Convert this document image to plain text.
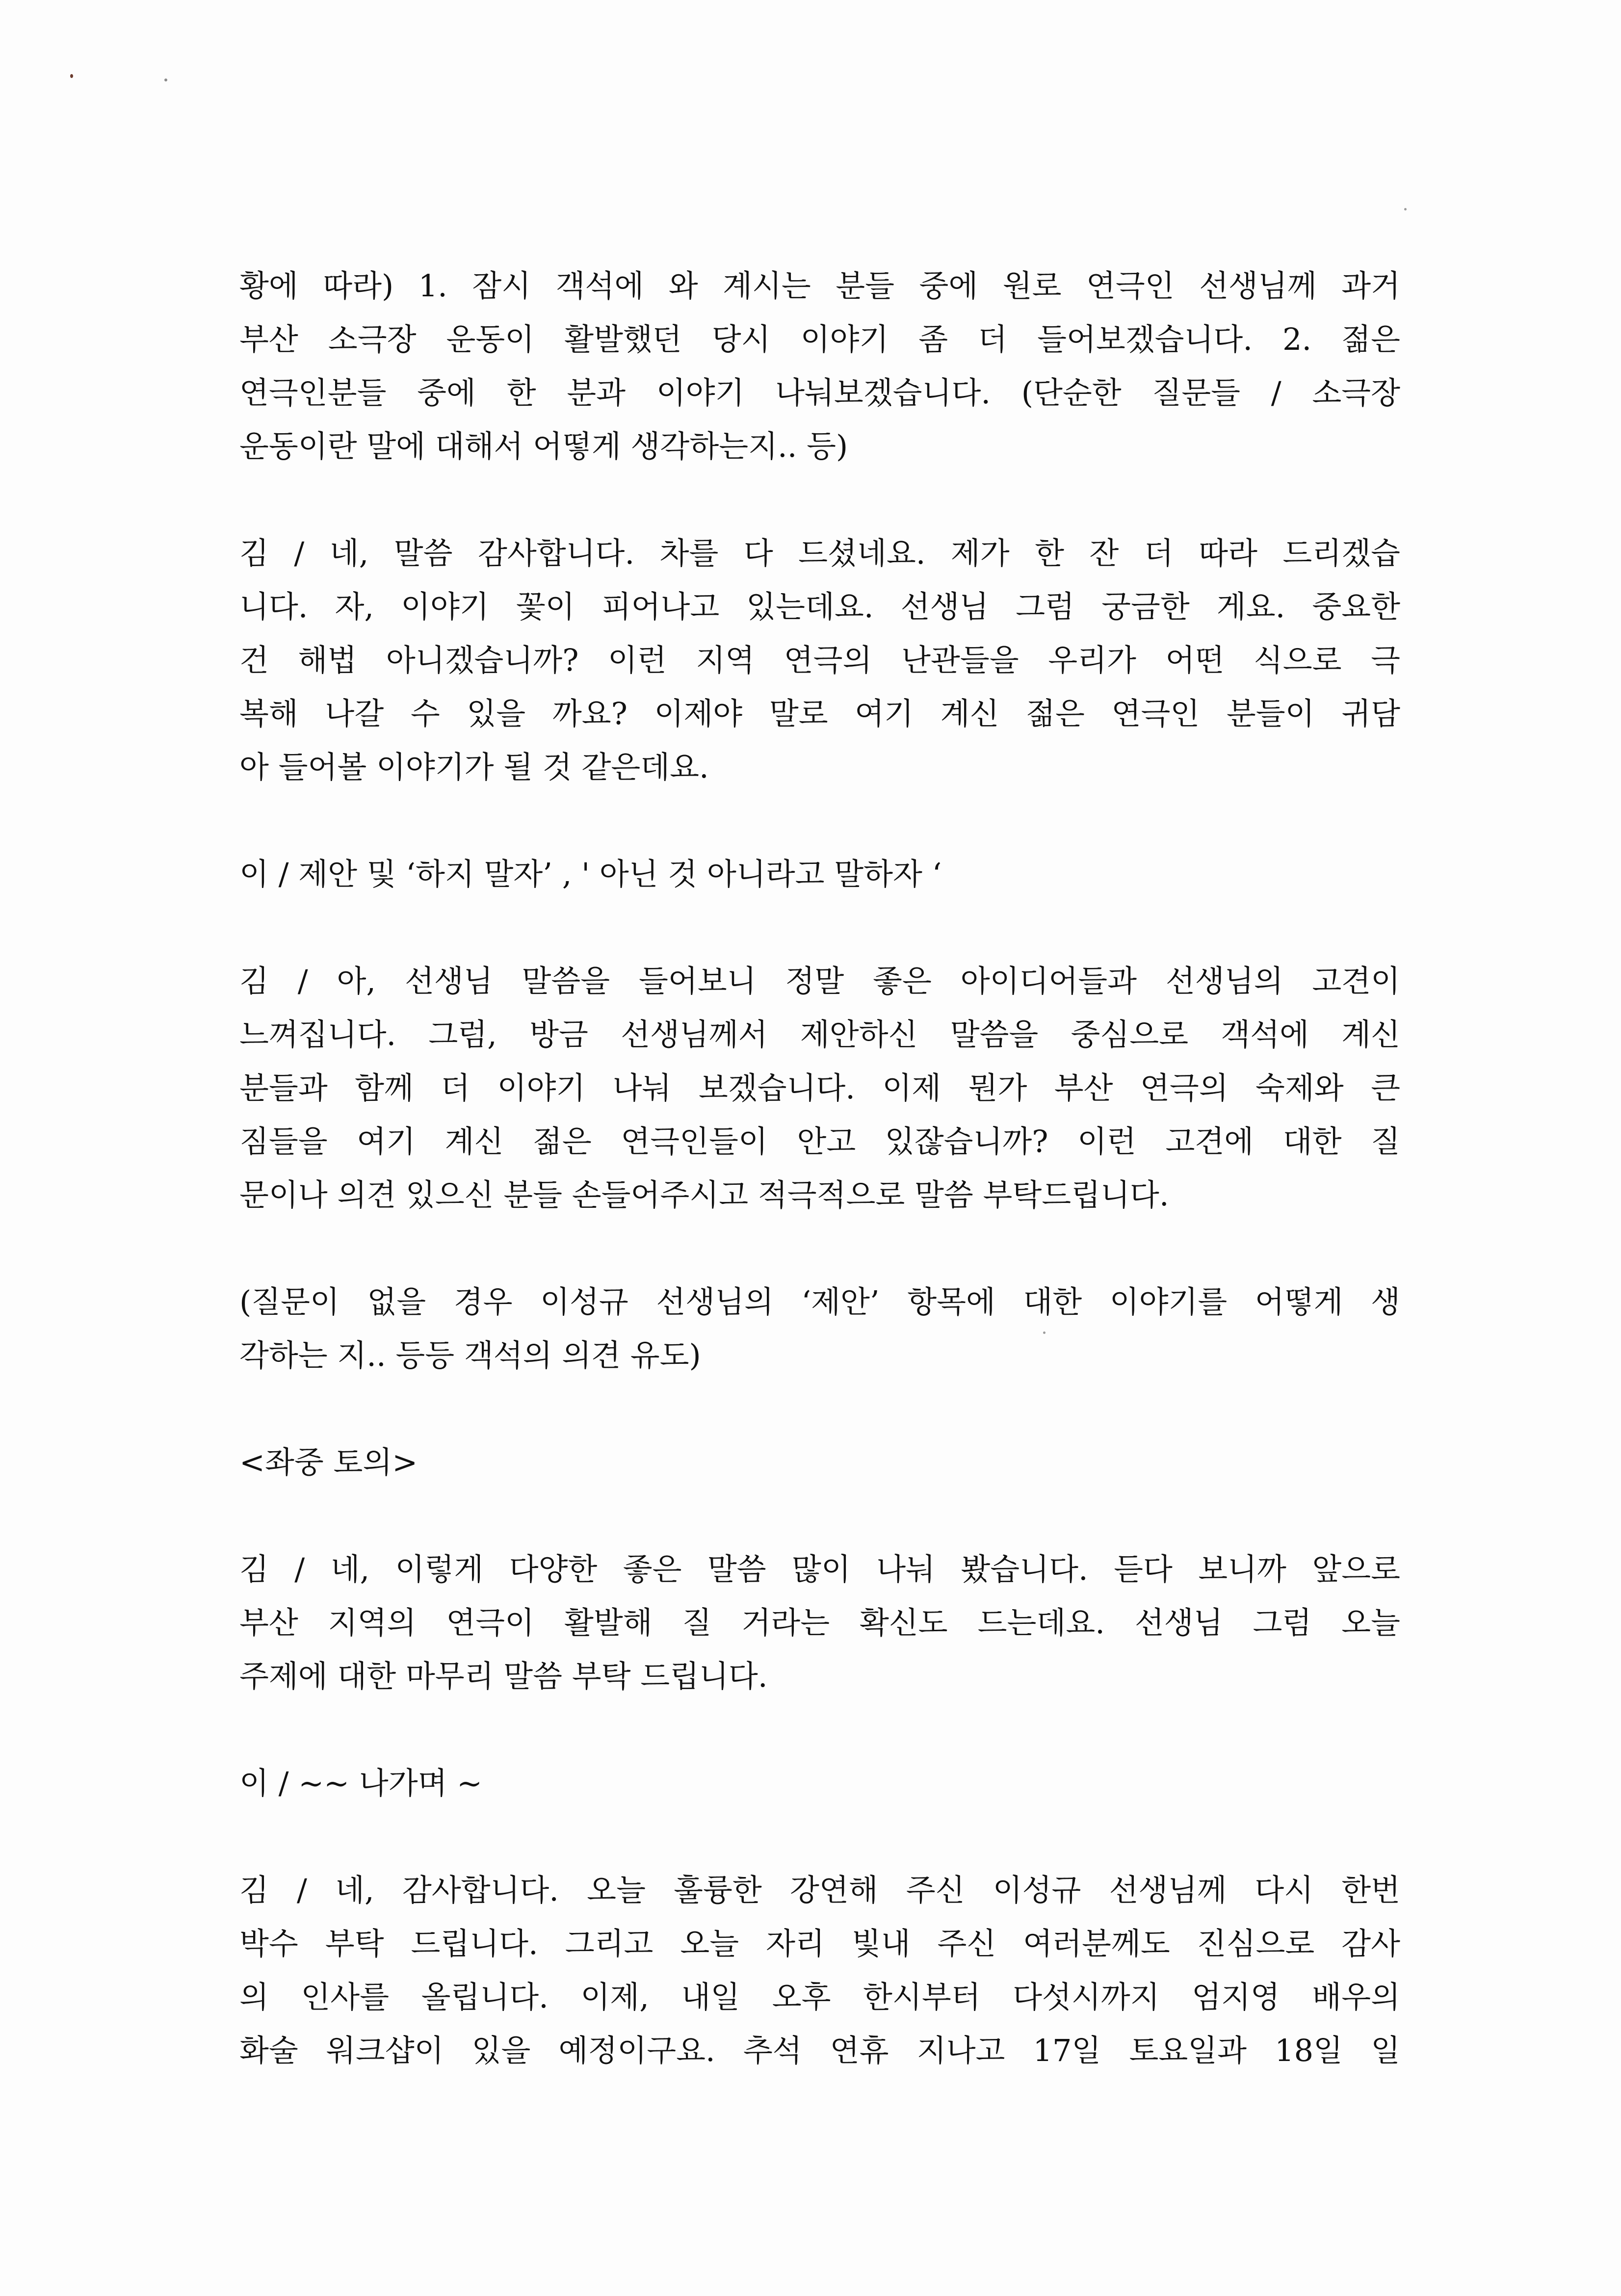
황에 따라) 1. 잠시 객석에 와 계시는 분들 중에 원로 연극인 선생님께 과거
부산 소극장 운동이 활발했던 당시 이야기 좀 더 들어보겠습니다. 2. 젊은
연극인분들 중에 한 분과 이야기 나눠보겠습니다. (단순한 질문들 / 소극장
운동이란 말에 대해서 어떻게 생각하는지.. 등)
김 / 네, 말씀 감사합니다. 차를 다 드셨네요. 제가 한 잔 더 따라 드리겠습
니다. 자, 이야기 꽃이 피어나고 있는데요. 선생님 그럼 궁금한 게요. 중요한
건 해법 아니겠습니까? 이런 지역 연극의 난관들을 우리가 어떤 식으로 극
복해 나갈 수 있을 까요? 이제야 말로 여기 계신 젊은 연극인 분들이 귀담
아 들어볼 이야기가 될 것 같은데요.
이 / 제안 및 ‘하지 말자’ , ' 아닌 것 아니라고 말하자 ‘
김 / 아, 선생님 말씀을 들어보니 정말 좋은 아이디어들과 선생님의 고견이
느껴집니다. 그럼, 방금 선생님께서 제안하신 말씀을 중심으로 객석에 계신
분들과 함께 더 이야기 나눠 보겠습니다. 이제 뭔가 부산 연극의 숙제와 큰
짐들을 여기 계신 젊은 연극인들이 안고 있잖습니까? 이런 고견에 대한 질
문이나 의견 있으신 분들 손들어주시고 적극적으로 말씀 부탁드립니다.
(질문이 없을 경우 이성규 선생님의 ‘제안’ 항목에 대한 이야기를 어떻게 생
각하는 지.. 등등 객석의 의견 유도)
<좌중 토의>
김 / 네, 이렇게 다양한 좋은 말씀 많이 나눠 봤습니다. 듣다 보니까 앞으로
부산 지역의 연극이 활발해 질 거라는 확신도 드는데요. 선생님 그럼 오늘
주제에 대한 마무리 말씀 부탁 드립니다.
이 / ~~ 나가며 ~
김 / 네, 감사합니다. 오늘 훌륭한 강연해 주신 이성규 선생님께 다시 한번
박수 부탁 드립니다. 그리고 오늘 자리 빛내 주신 여러분께도 진심으로 감사
의 인사를 올립니다. 이제, 내일 오후 한시부터 다섯시까지 엄지영 배우의
화술 워크샵이 있을 예정이구요. 추석 연휴 지나고 17일 토요일과 18일 일
